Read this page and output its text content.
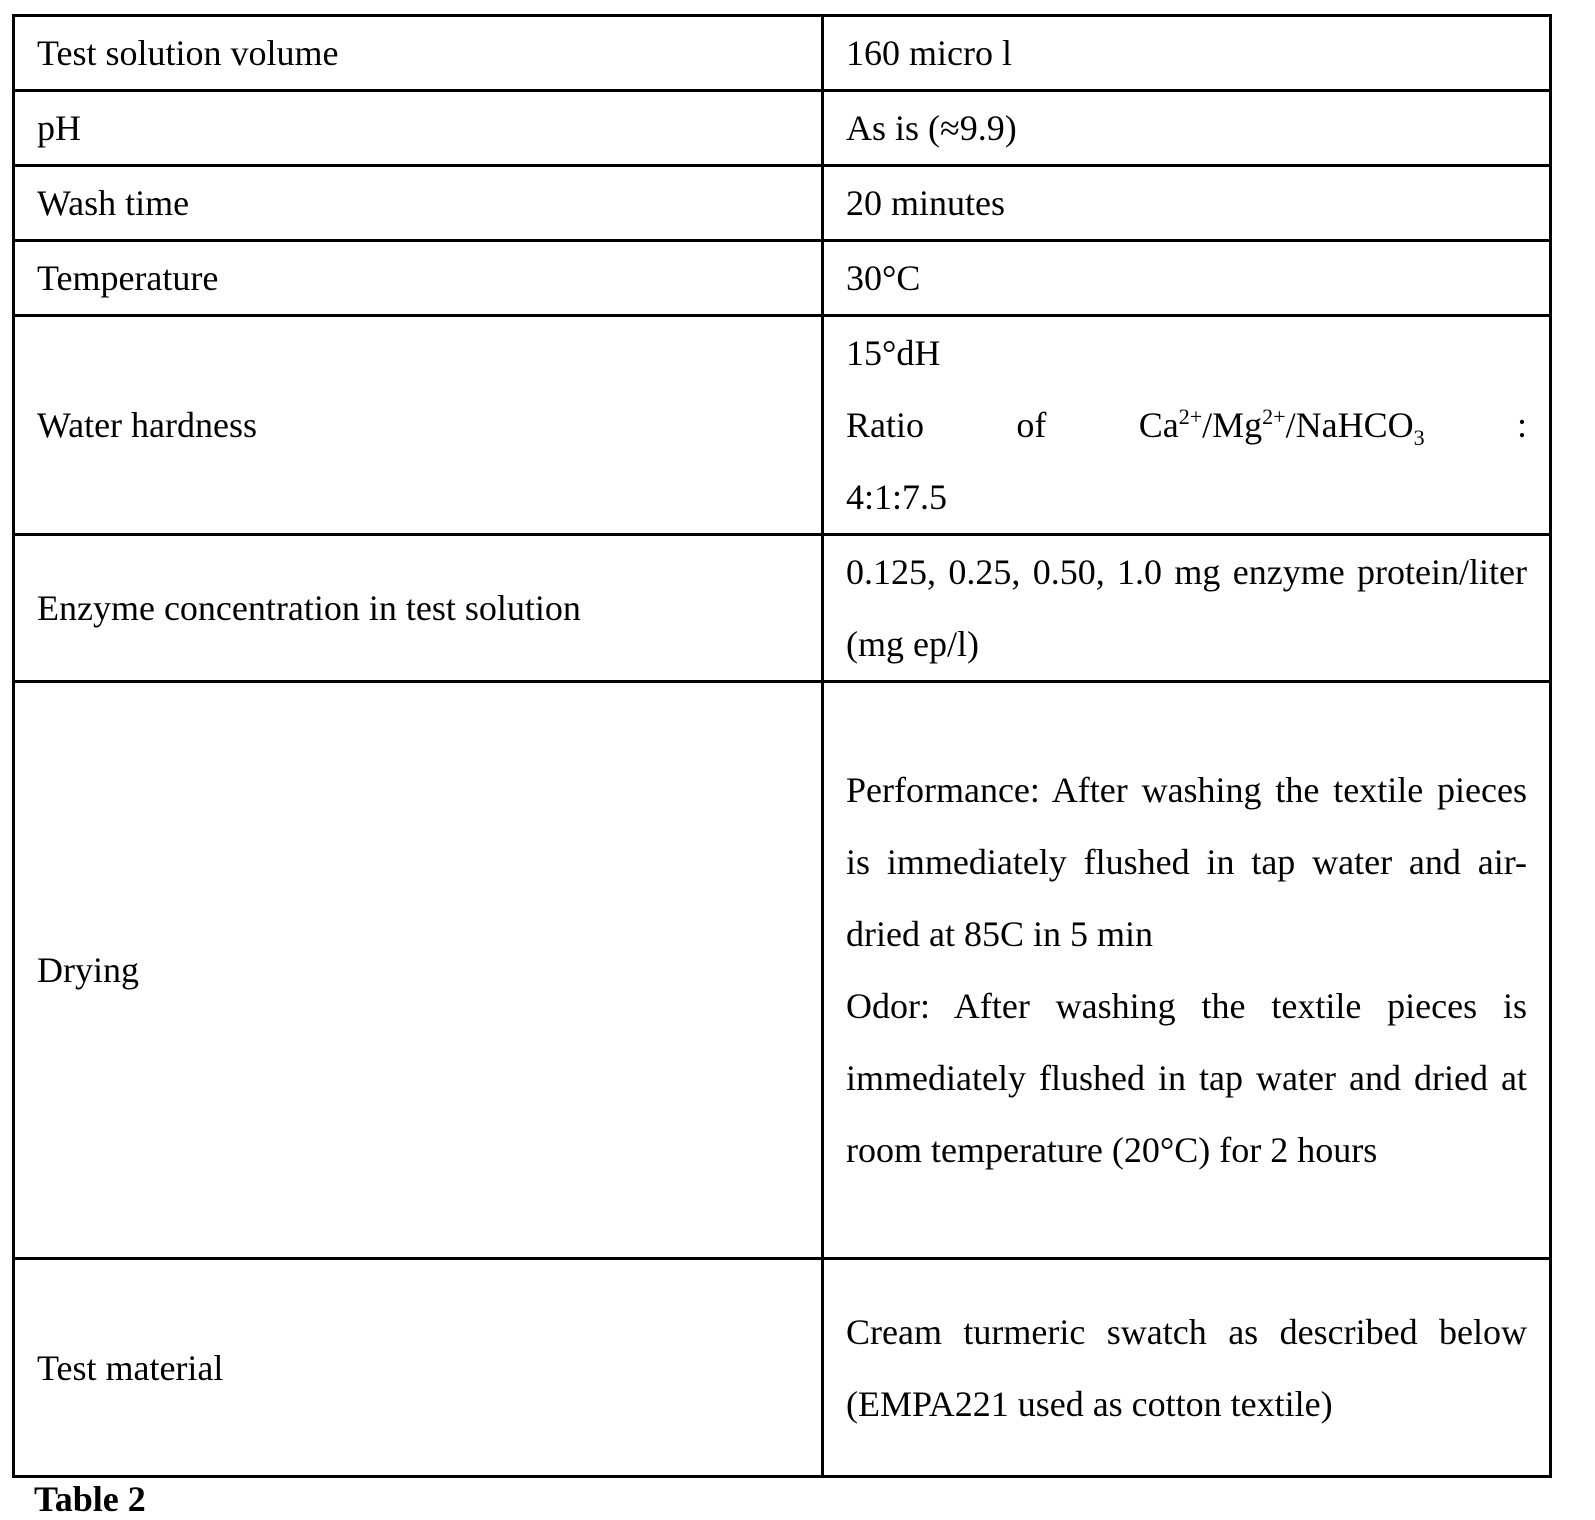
Test solution volume	160 micro l
pH	As is (≈9.9)
Wash time	20 minutes
Temperature	30°C
Water hardness	
15°dH
Ratio of Ca2+/Mg2+/NaHCO3 :
4:1:7.5

Enzyme concentration in test solution	0.125, 0.25, 0.50, 1.0 mg enzyme protein/liter (mg ep/l)
Drying	
Performance: After washing the textile pieces is immediately flushed in tap water and air-dried at 85C in 5 min
Odor: After washing the textile pieces is immediately flushed in tap water and dried at room temperature (20°C) for 2 hours

Test material	Cream turmeric swatch as described below (EMPA221 used as cotton textile)
Table 2
